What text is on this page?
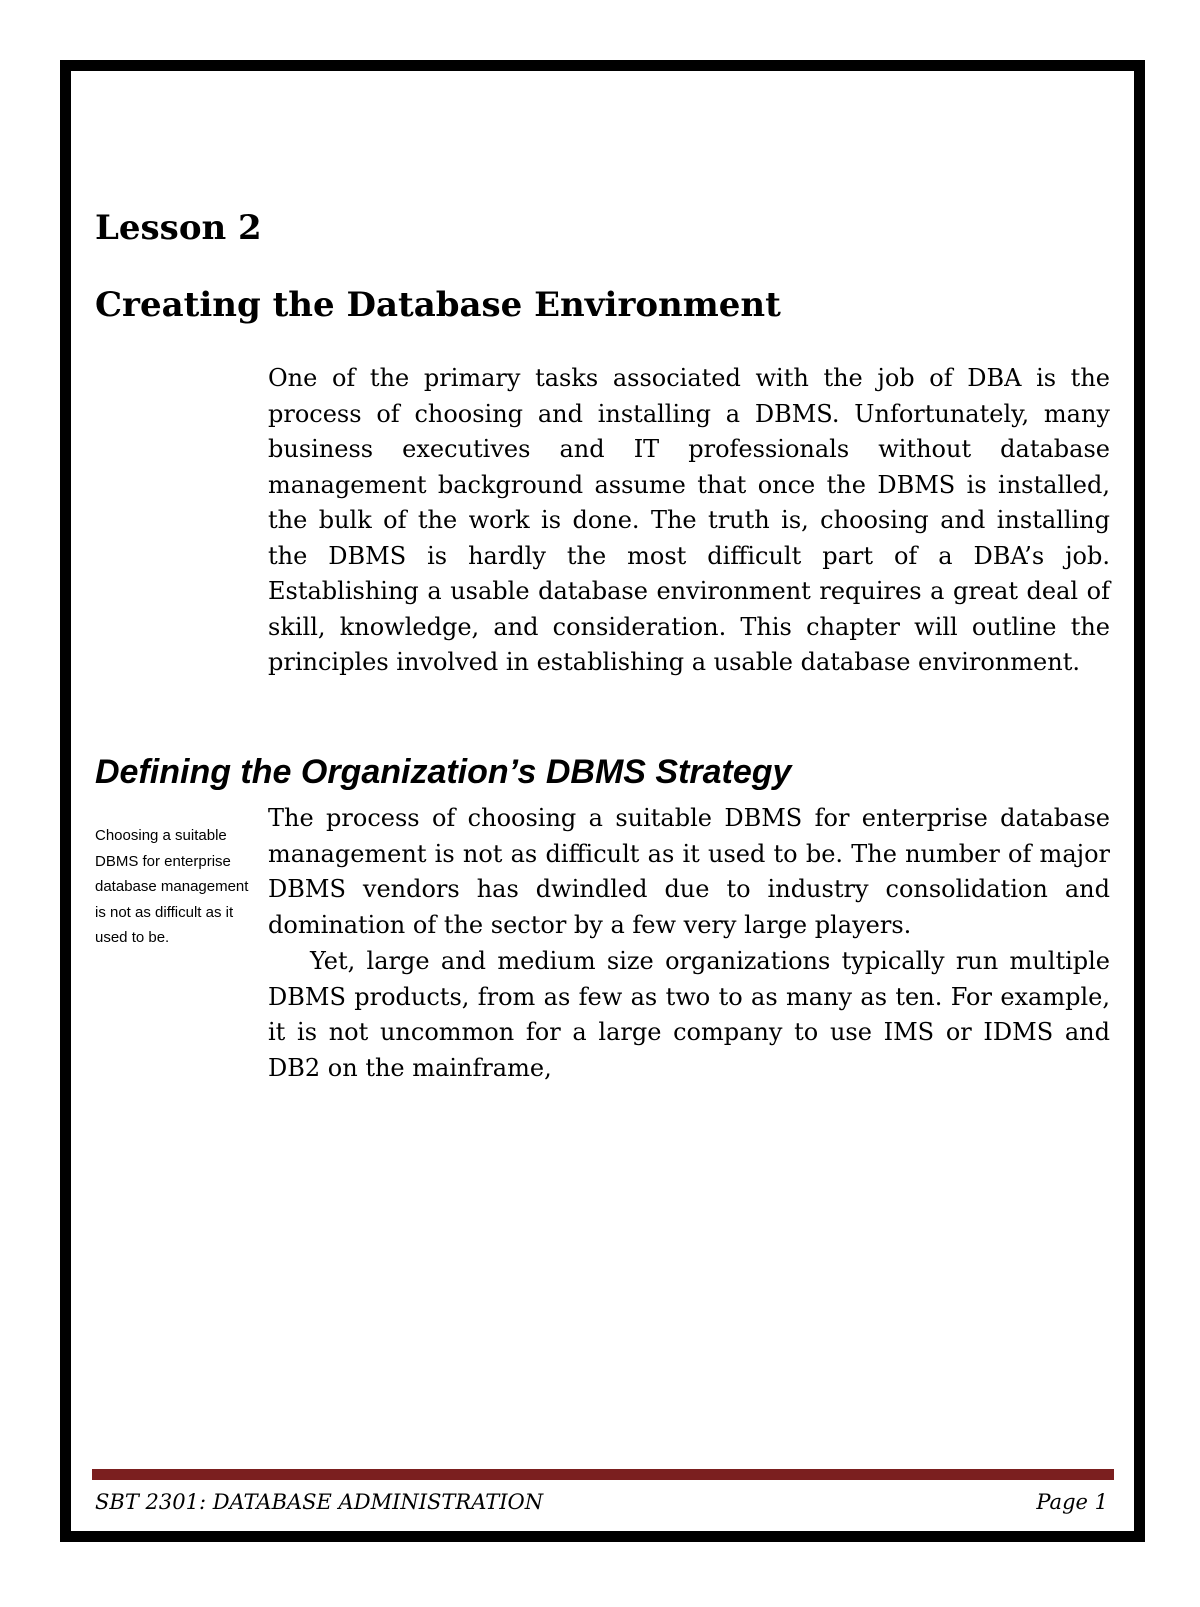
Lesson 2
Creating the Database Environment

One of the primary tasks associated with the job of DBA is the process of choosing and installing a DBMS. Unfortunately, many business executives and IT professionals without database management background assume that once the DBMS is installed, the bulk of the work is done. The truth is, choosing and installing the DBMS is hardly the most difficult part of a DBA’s job. Establishing a usable database environment requires a great deal of skill, knowledge, and consideration. This chapter will outline the principles involved in establishing a usable database environment.

Defining the Organization’s DBMS Strategy

Choosing a suitable DBMS for enterprise database management is not as difficult as it used to be.

The process of choosing a suitable DBMS for enterprise database management is not as difficult as it used to be. The number of major DBMS vendors has dwindled due to industry consolidation and domination of the sector by a few very large players.

Yet, large and medium size organizations typically run multiple DBMS products, from as few as two to as many as ten. For example, it is not uncommon for a large company to use IMS or IDMS and DB2 on the mainframe,

SBT 2301: DATABASE ADMINISTRATION	Page 1
